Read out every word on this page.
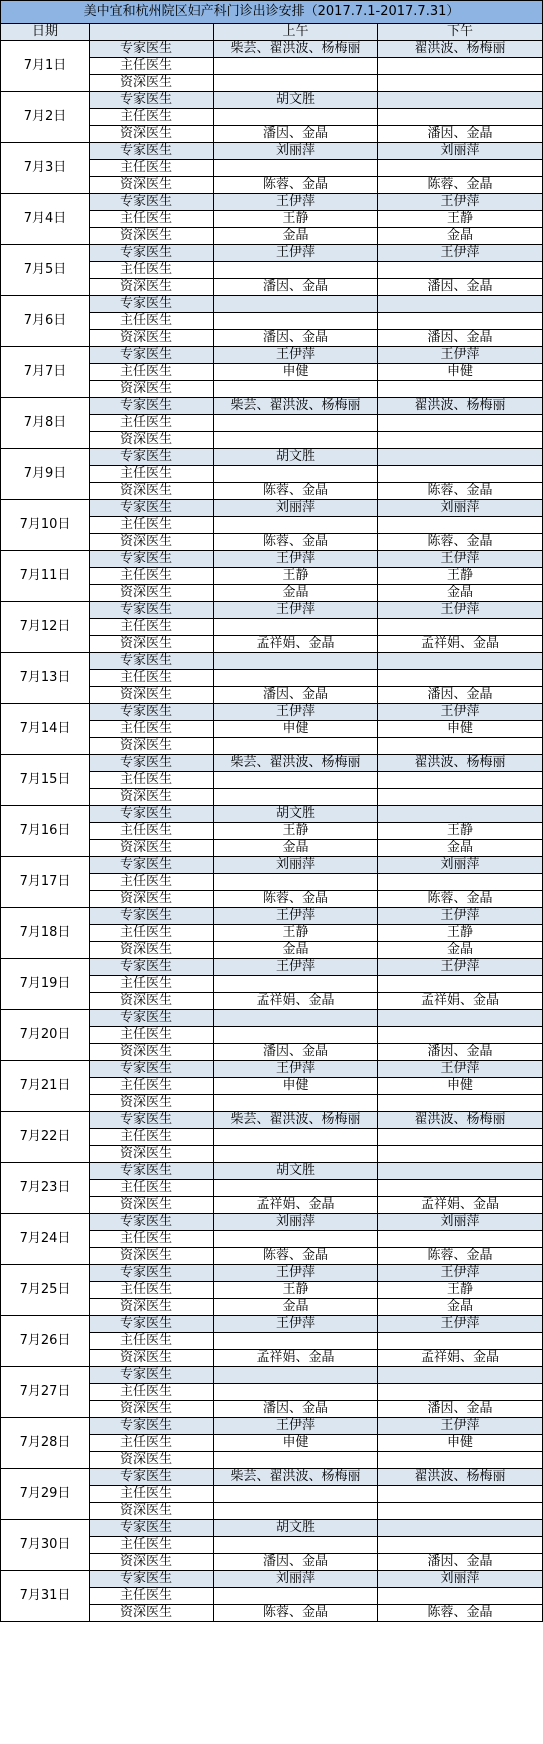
美中宜和杭州院区妇产科门诊出诊安排（2017.7.1-2017.7.31）			
日期		上午	下午
7月1日	专家医生	柴芸、翟洪波、杨梅丽	翟洪波、杨梅丽
	主任医生		
	资深医生		
7月2日	专家医生	胡文胜	
	主任医生		
	资深医生	潘因、金晶	潘因、金晶
7月3日	专家医生	刘丽萍	刘丽萍
	主任医生		
	资深医生	陈蓉、金晶	陈蓉、金晶
7月4日	专家医生	王伊萍	王伊萍
	主任医生	王静	王静
	资深医生	金晶	金晶
7月5日	专家医生	王伊萍	王伊萍
	主任医生		
	资深医生	潘因、金晶	潘因、金晶
7月6日	专家医生		
	主任医生		
	资深医生	潘因、金晶	潘因、金晶
7月7日	专家医生	王伊萍	王伊萍
	主任医生	申健	申健
	资深医生		
7月8日	专家医生	柴芸、翟洪波、杨梅丽	翟洪波、杨梅丽
	主任医生		
	资深医生		
7月9日	专家医生	胡文胜	
	主任医生		
	资深医生	陈蓉、金晶	陈蓉、金晶
7月10日	专家医生	刘丽萍	刘丽萍
	主任医生		
	资深医生	陈蓉、金晶	陈蓉、金晶
7月11日	专家医生	王伊萍	王伊萍
	主任医生	王静	王静
	资深医生	金晶	金晶
7月12日	专家医生	王伊萍	王伊萍
	主任医生		
	资深医生	孟祥娟、金晶	孟祥娟、金晶
7月13日	专家医生		
	主任医生		
	资深医生	潘因、金晶	潘因、金晶
7月14日	专家医生	王伊萍	王伊萍
	主任医生	申健	申健
	资深医生		
7月15日	专家医生	柴芸、翟洪波、杨梅丽	翟洪波、杨梅丽
	主任医生		
	资深医生		
7月16日	专家医生	胡文胜	
	主任医生	王静	王静
	资深医生	金晶	金晶
7月17日	专家医生	刘丽萍	刘丽萍
	主任医生		
	资深医生	陈蓉、金晶	陈蓉、金晶
7月18日	专家医生	王伊萍	王伊萍
	主任医生	王静	王静
	资深医生	金晶	金晶
7月19日	专家医生	王伊萍	王伊萍
	主任医生		
	资深医生	孟祥娟、金晶	孟祥娟、金晶
7月20日	专家医生		
	主任医生		
	资深医生	潘因、金晶	潘因、金晶
7月21日	专家医生	王伊萍	王伊萍
	主任医生	申健	申健
	资深医生		
7月22日	专家医生	柴芸、翟洪波、杨梅丽	翟洪波、杨梅丽
	主任医生		
	资深医生		
7月23日	专家医生	胡文胜	
	主任医生		
	资深医生	孟祥娟、金晶	孟祥娟、金晶
7月24日	专家医生	刘丽萍	刘丽萍
	主任医生		
	资深医生	陈蓉、金晶	陈蓉、金晶
7月25日	专家医生	王伊萍	王伊萍
	主任医生	王静	王静
	资深医生	金晶	金晶
7月26日	专家医生	王伊萍	王伊萍
	主任医生		
	资深医生	孟祥娟、金晶	孟祥娟、金晶
7月27日	专家医生		
	主任医生		
	资深医生	潘因、金晶	潘因、金晶
7月28日	专家医生	王伊萍	王伊萍
	主任医生	申健	申健
	资深医生		
7月29日	专家医生	柴芸、翟洪波、杨梅丽	翟洪波、杨梅丽
	主任医生		
	资深医生		
7月30日	专家医生	胡文胜	
	主任医生		
	资深医生	潘因、金晶	潘因、金晶
7月31日	专家医生	刘丽萍	刘丽萍
	主任医生		
	资深医生	陈蓉、金晶	陈蓉、金晶
